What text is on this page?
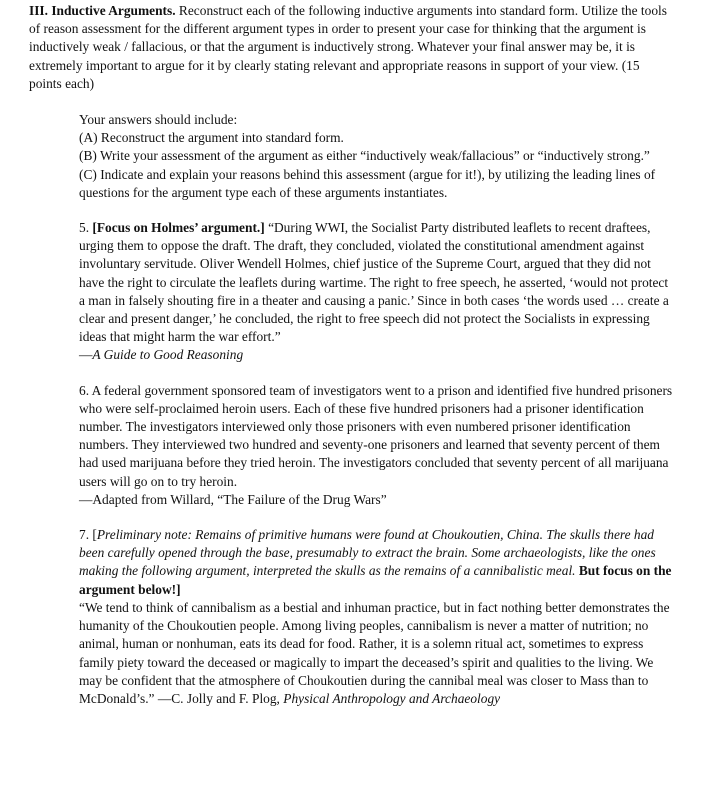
III. Inductive Arguments. Reconstruct each of the following inductive arguments into standard form. Utilize the tools of reason assessment for the different argument types in order to present your case for thinking that the argument is inductively weak / fallacious, or that the argument is inductively strong. Whatever your final answer may be, it is extremely important to argue for it by clearly stating relevant and appropriate reasons in support of your view. (15 points each)

Your answers should include:

(A) Reconstruct the argument into standard form.

(B) Write your assessment of the argument as either “inductively weak/fallacious” or “inductively strong.”

(C) Indicate and explain your reasons behind this assessment (argue for it!), by utilizing the leading lines of questions for the argument type each of these arguments instantiates.

5. [Focus on Holmes’ argument.] “During WWI, the Socialist Party distributed leaflets to recent draftees, urging them to oppose the draft. The draft, they concluded, violated the constitutional amendment against involuntary servitude. Oliver Wendell Holmes, chief justice of the Supreme Court, argued that they did not have the right to circulate the leaflets during wartime. The right to free speech, he asserted, ‘would not protect a man in falsely shouting fire in a theater and causing a panic.’ Since in both cases ‘the words used … create a clear and present danger,’ he concluded, the right to free speech did not protect the Socialists in expressing ideas that might harm the war effort.”

—A Guide to Good Reasoning

6. A federal government sponsored team of investigators went to a prison and identified five hundred prisoners who were self-proclaimed heroin users. Each of these five hundred prisoners had a prisoner identification number. The investigators interviewed only those prisoners with even numbered prisoner identification numbers. They interviewed two hundred and seventy-one prisoners and learned that seventy percent of them had used marijuana before they tried heroin. The investigators concluded that seventy percent of all marijuana users will go on to try heroin.

—Adapted from Willard, “The Failure of the Drug Wars”

7. [Preliminary note: Remains of primitive humans were found at Choukoutien, China. The skulls there had been carefully opened through the base, presumably to extract the brain. Some archaeologists, like the ones making the following argument, interpreted the skulls as the remains of a cannibalistic meal. But focus on the argument below!]

“We tend to think of cannibalism as a bestial and inhuman practice, but in fact nothing better demonstrates the humanity of the Choukoutien people. Among living peoples, cannibalism is never a matter of nutrition; no animal, human or nonhuman, eats its dead for food. Rather, it is a solemn ritual act, sometimes to express family piety toward the deceased or magically to impart the deceased’s spirit and qualities to the living. We may be confident that the atmosphere of Choukoutien during the cannibal meal was closer to Mass than to McDonald’s.” —C. Jolly and F. Plog, Physical Anthropology and Archaeology
